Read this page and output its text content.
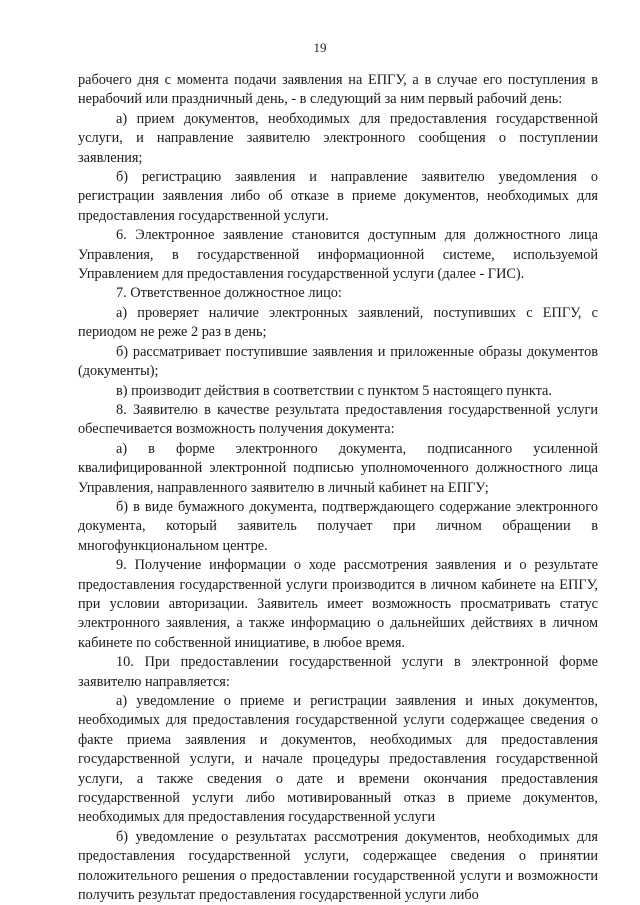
19

рабочего дня с момента подачи заявления на ЕПГУ, а в случае его поступления в нерабочий или праздничный день, - в следующий за ним первый рабочий день:

а) прием документов, необходимых для предоставления государственной услуги, и направление заявителю электронного сообщения о поступлении заявления;

б) регистрацию заявления и направление заявителю уведомления о регистрации заявления либо об отказе в приеме документов, необходимых для предоставления государственной услуги.

6. Электронное заявление становится доступным для должностного лица Управления, в государственной информационной системе, используемой Управлением для предоставления государственной услуги (далее - ГИС).

7. Ответственное должностное лицо:

а) проверяет наличие электронных заявлений, поступивших с ЕПГУ, с периодом не реже 2 раз в день;

б) рассматривает поступившие заявления и приложенные образы документов (документы);

в) производит действия в соответствии с пунктом 5 настоящего пункта.

8. Заявителю в качестве результата предоставления государственной услуги обеспечивается возможность получения документа:

а) в форме электронного документа, подписанного усиленной квалифицированной электронной подписью уполномоченного должностного лица Управления, направленного заявителю в личный кабинет на ЕПГУ;

б) в виде бумажного документа, подтверждающего содержание электронного документа, который заявитель получает при личном обращении в многофункциональном центре.

9. Получение информации о ходе рассмотрения заявления и о результате предоставления государственной услуги производится в личном кабинете на ЕПГУ, при условии авторизации. Заявитель имеет возможность просматривать статус электронного заявления, а также информацию о дальнейших действиях в личном кабинете по собственной инициативе, в любое время.

10. При предоставлении государственной услуги в электронной форме заявителю направляется:

а) уведомление о приеме и регистрации заявления и иных документов, необходимых для предоставления государственной услуги содержащее сведения о факте приема заявления и документов, необходимых для предоставления государственной услуги, и начале процедуры предоставления государственной услуги, а также сведения о дате и времени окончания предоставления государственной услуги либо мотивированный отказ в приеме документов, необходимых для предоставления государственной услуги

б) уведомление о результатах рассмотрения документов, необходимых для предоставления государственной услуги, содержащее сведения о принятии положительного решения о предоставлении государственной услуги и возможности получить результат предоставления государственной услуги либо
